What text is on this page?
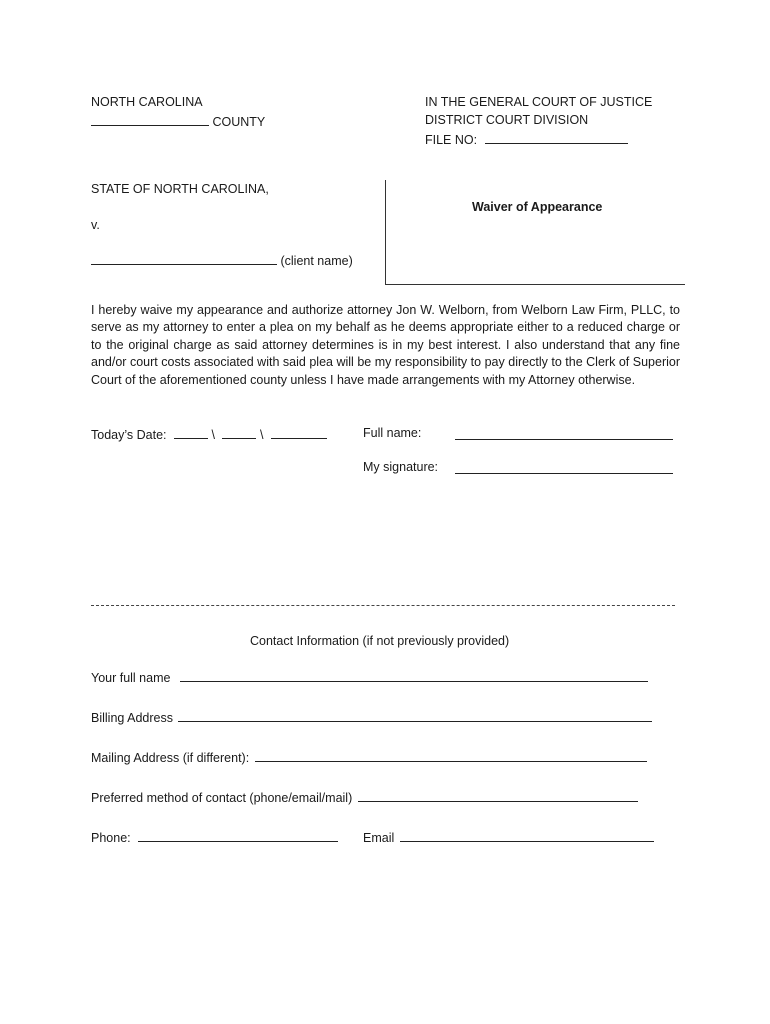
NORTH CAROLINA
COUNTY
IN THE GENERAL COURT OF JUSTICE
DISTRICT COURT DIVISION
FILE NO:
STATE OF NORTH CAROLINA,
v.
(client name)
Waiver of Appearance
I hereby waive my appearance and authorize attorney Jon W. Welborn, from Welborn Law Firm, PLLC, to serve as my attorney to enter a plea on my behalf as he deems appropriate either to a reduced charge or to the original charge as said attorney determines is in my best interest. I also understand that any fine and/or court costs associated with said plea will be my responsibility to pay directly to the Clerk of Superior Court of the aforementioned county unless I have made arrangements with my Attorney otherwise.
Today’s Date:	\	\	Full name:
My signature:
Contact Information (if not previously provided)
Your full name
Billing Address
Mailing Address (if different):
Preferred method of contact (phone/email/mail)
Phone:	Email
